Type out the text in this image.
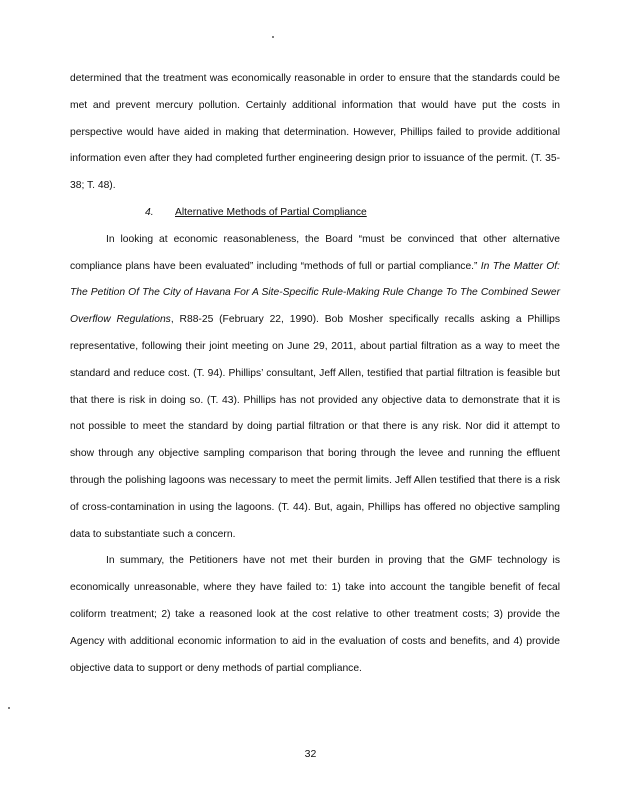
determined that the treatment was economically reasonable in order to ensure that the standards could be met and prevent mercury pollution. Certainly additional information that would have put the costs in perspective would have aided in making that determination. However, Phillips failed to provide additional information even after they had completed further engineering design prior to issuance of the permit. (T. 35-38; T. 48).

4. Alternative Methods of Partial Compliance

In looking at economic reasonableness, the Board “must be convinced that other alternative compliance plans have been evaluated” including “methods of full or partial compliance.” In The Matter Of: The Petition Of The City of Havana For A Site-Specific Rule-Making Rule Change To The Combined Sewer Overflow Regulations, R88-25 (February 22, 1990). Bob Mosher specifically recalls asking a Phillips representative, following their joint meeting on June 29, 2011, about partial filtration as a way to meet the standard and reduce cost. (T. 94). Phillips’ consultant, Jeff Allen, testified that partial filtration is feasible but that there is risk in doing so. (T. 43). Phillips has not provided any objective data to demonstrate that it is not possible to meet the standard by doing partial filtration or that there is any risk. Nor did it attempt to show through any objective sampling comparison that boring through the levee and running the effluent through the polishing lagoons was necessary to meet the permit limits. Jeff Allen testified that there is a risk of cross-contamination in using the lagoons. (T. 44). But, again, Phillips has offered no objective sampling data to substantiate such a concern.

In summary, the Petitioners have not met their burden in proving that the GMF technology is economically unreasonable, where they have failed to: 1) take into account the tangible benefit of fecal coliform treatment; 2) take a reasoned look at the cost relative to other treatment costs; 3) provide the Agency with additional economic information to aid in the evaluation of costs and benefits, and 4) provide objective data to support or deny methods of partial compliance.

32
